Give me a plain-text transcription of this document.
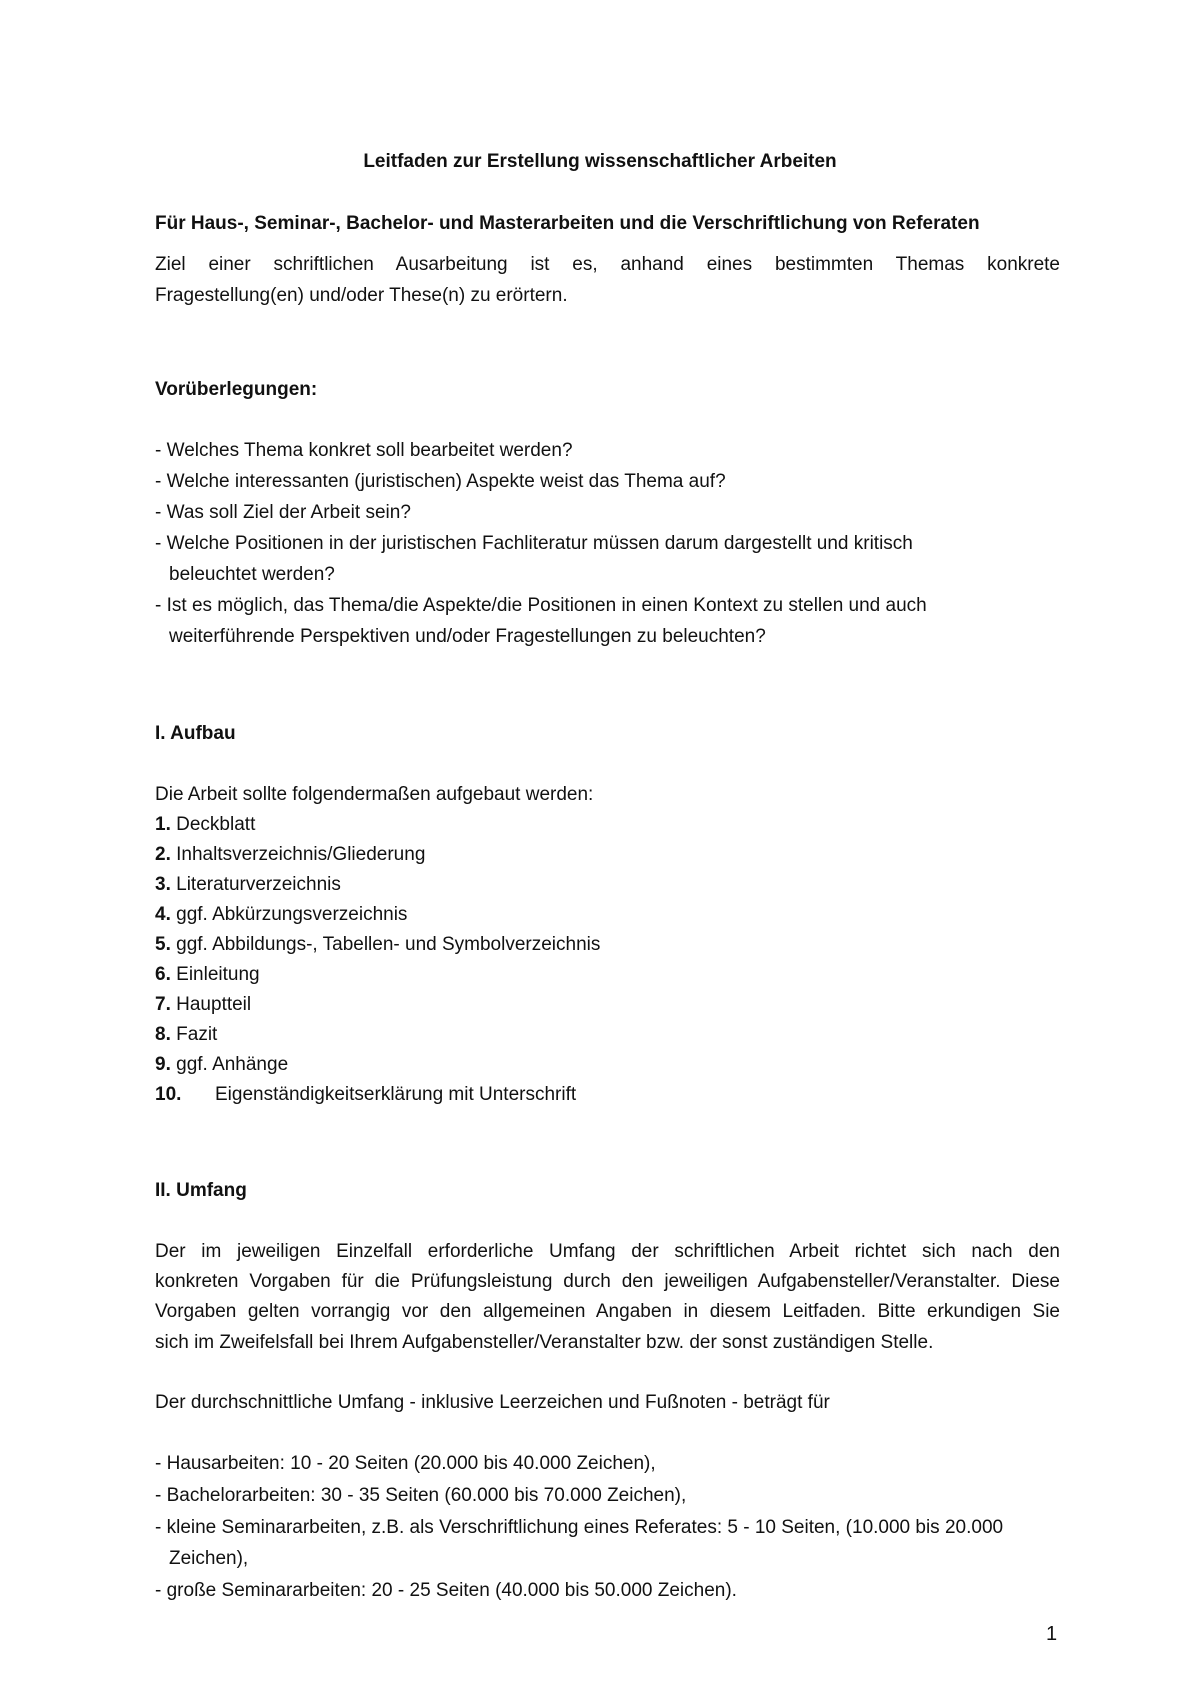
Leitfaden zur Erstellung wissenschaftlicher Arbeiten
Für Haus-, Seminar-, Bachelor- und Masterarbeiten und die Verschriftlichung von Referaten
Ziel einer schriftlichen Ausarbeitung ist es, anhand eines bestimmten Themas konkrete
Fragestellung(en) und/oder These(n) zu erörtern.
Vorüberlegungen:
- Welches Thema konkret soll bearbeitet werden?
- Welche interessanten (juristischen) Aspekte weist das Thema auf?
- Was soll Ziel der Arbeit sein?
- Welche Positionen in der juristischen Fachliteratur müssen darum dargestellt und kritisch
beleuchtet werden?
- Ist es möglich, das Thema/die Aspekte/die Positionen in einen Kontext zu stellen und auch
weiterführende Perspektiven und/oder Fragestellungen zu beleuchten?
I. Aufbau
Die Arbeit sollte folgendermaßen aufgebaut werden:
1. Deckblatt
2. Inhaltsverzeichnis/Gliederung
3. Literaturverzeichnis
4. ggf. Abkürzungsverzeichnis
5. ggf. Abbildungs-, Tabellen- und Symbolverzeichnis
6. Einleitung
7. Hauptteil
8. Fazit
9. ggf. Anhänge
10. Eigenständigkeitserklärung mit Unterschrift
II. Umfang
Der im jeweiligen Einzelfall erforderliche Umfang der schriftlichen Arbeit richtet sich nach den
konkreten Vorgaben für die Prüfungsleistung durch den jeweiligen Aufgabensteller/Veranstalter. Diese
Vorgaben gelten vorrangig vor den allgemeinen Angaben in diesem Leitfaden. Bitte erkundigen Sie
sich im Zweifelsfall bei Ihrem Aufgabensteller/Veranstalter bzw. der sonst zuständigen Stelle.
Der durchschnittliche Umfang - inklusive Leerzeichen und Fußnoten - beträgt für
- Hausarbeiten: 10 - 20 Seiten (20.000 bis 40.000 Zeichen),
- Bachelorarbeiten: 30 - 35 Seiten (60.000 bis 70.000 Zeichen),
- kleine Seminararbeiten, z.B. als Verschriftlichung eines Referates: 5 - 10 Seiten, (10.000 bis 20.000
Zeichen),
- große Seminararbeiten: 20 - 25 Seiten (40.000 bis 50.000 Zeichen).
1
